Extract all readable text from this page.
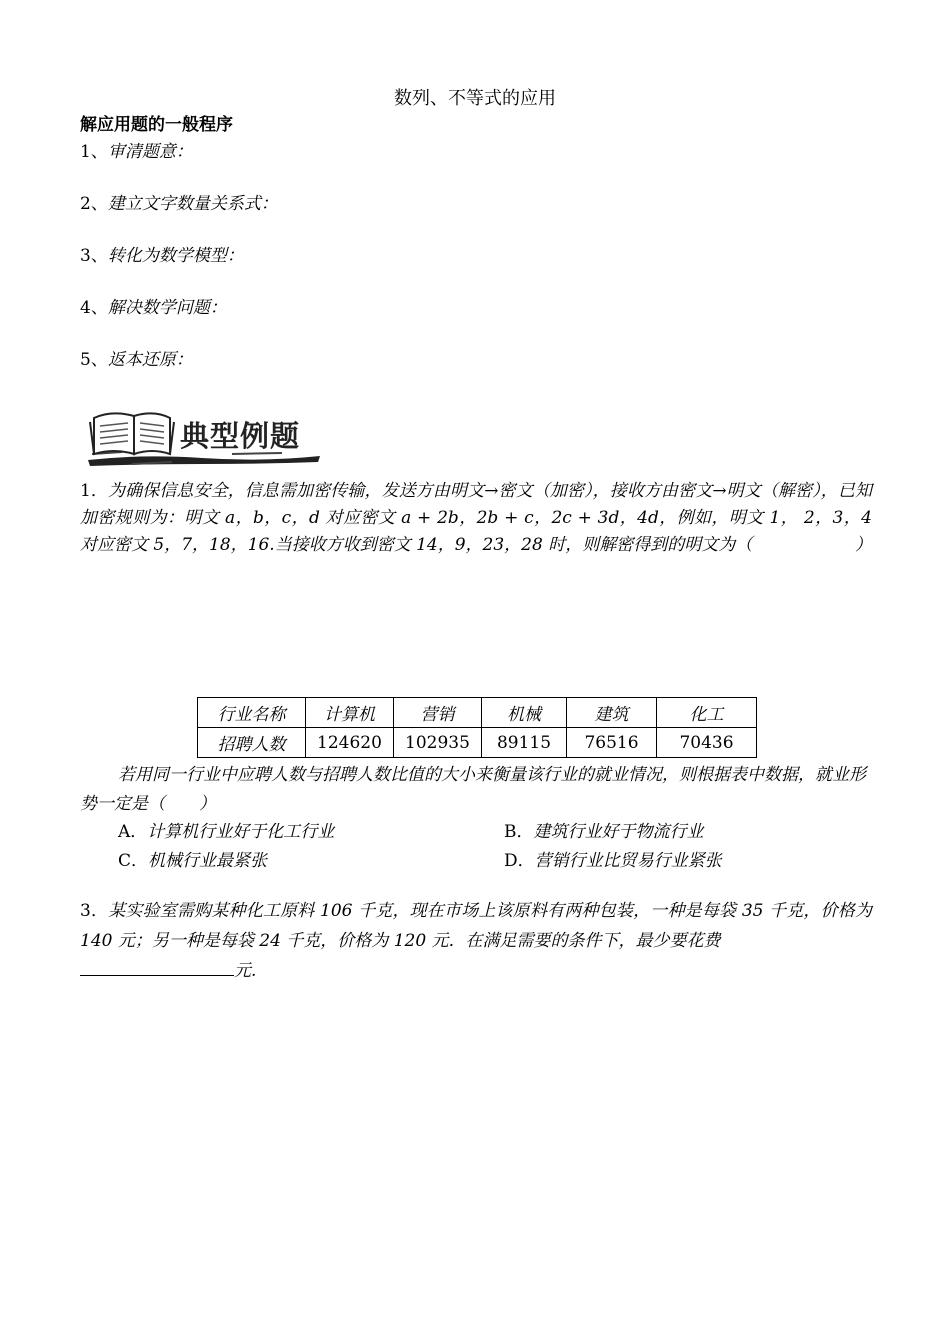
数列、不等式的应用
解应用题的一般程序
1、审清题意：
2、建立文字数量关系式：
3、转化为数学模型：
4、解决数学问题：
5、返本还原：
典型例题
1．为确保信息安全，信息需加密传输，发送方由明文→密文（加密），接收方由密文→明文（解密），已知加密规则为：明文 a，b，c，d 对应密文 a + 2b，2b + c，2c + 3d，4d，例如，明文 1， 2，3，4 对应密文 5，7，18，16.当接收方收到密文 14，9，23，28 时，则解密得到的明文为（	）
行业名称	计算机	营销	机械	建筑	化工
招聘人数	124620	102935	89115	76516	70436
若用同一行业中应聘人数与招聘人数比值的大小来衡量该行业的就业情况，则根据表中数据，就业形势一定是（　　）
A．计算机行业好于化工行业	B．建筑行业好于物流行业
C．机械行业最紧张	D．营销行业比贸易行业紧张
3．某实验室需购某种化工原料 106 千克，现在市场上该原料有两种包装，一种是每袋 35 千克，价格为 140 元；另一种是每袋 24 千克，价格为 120 元．在满足需要的条件下，最少要花费
元.
